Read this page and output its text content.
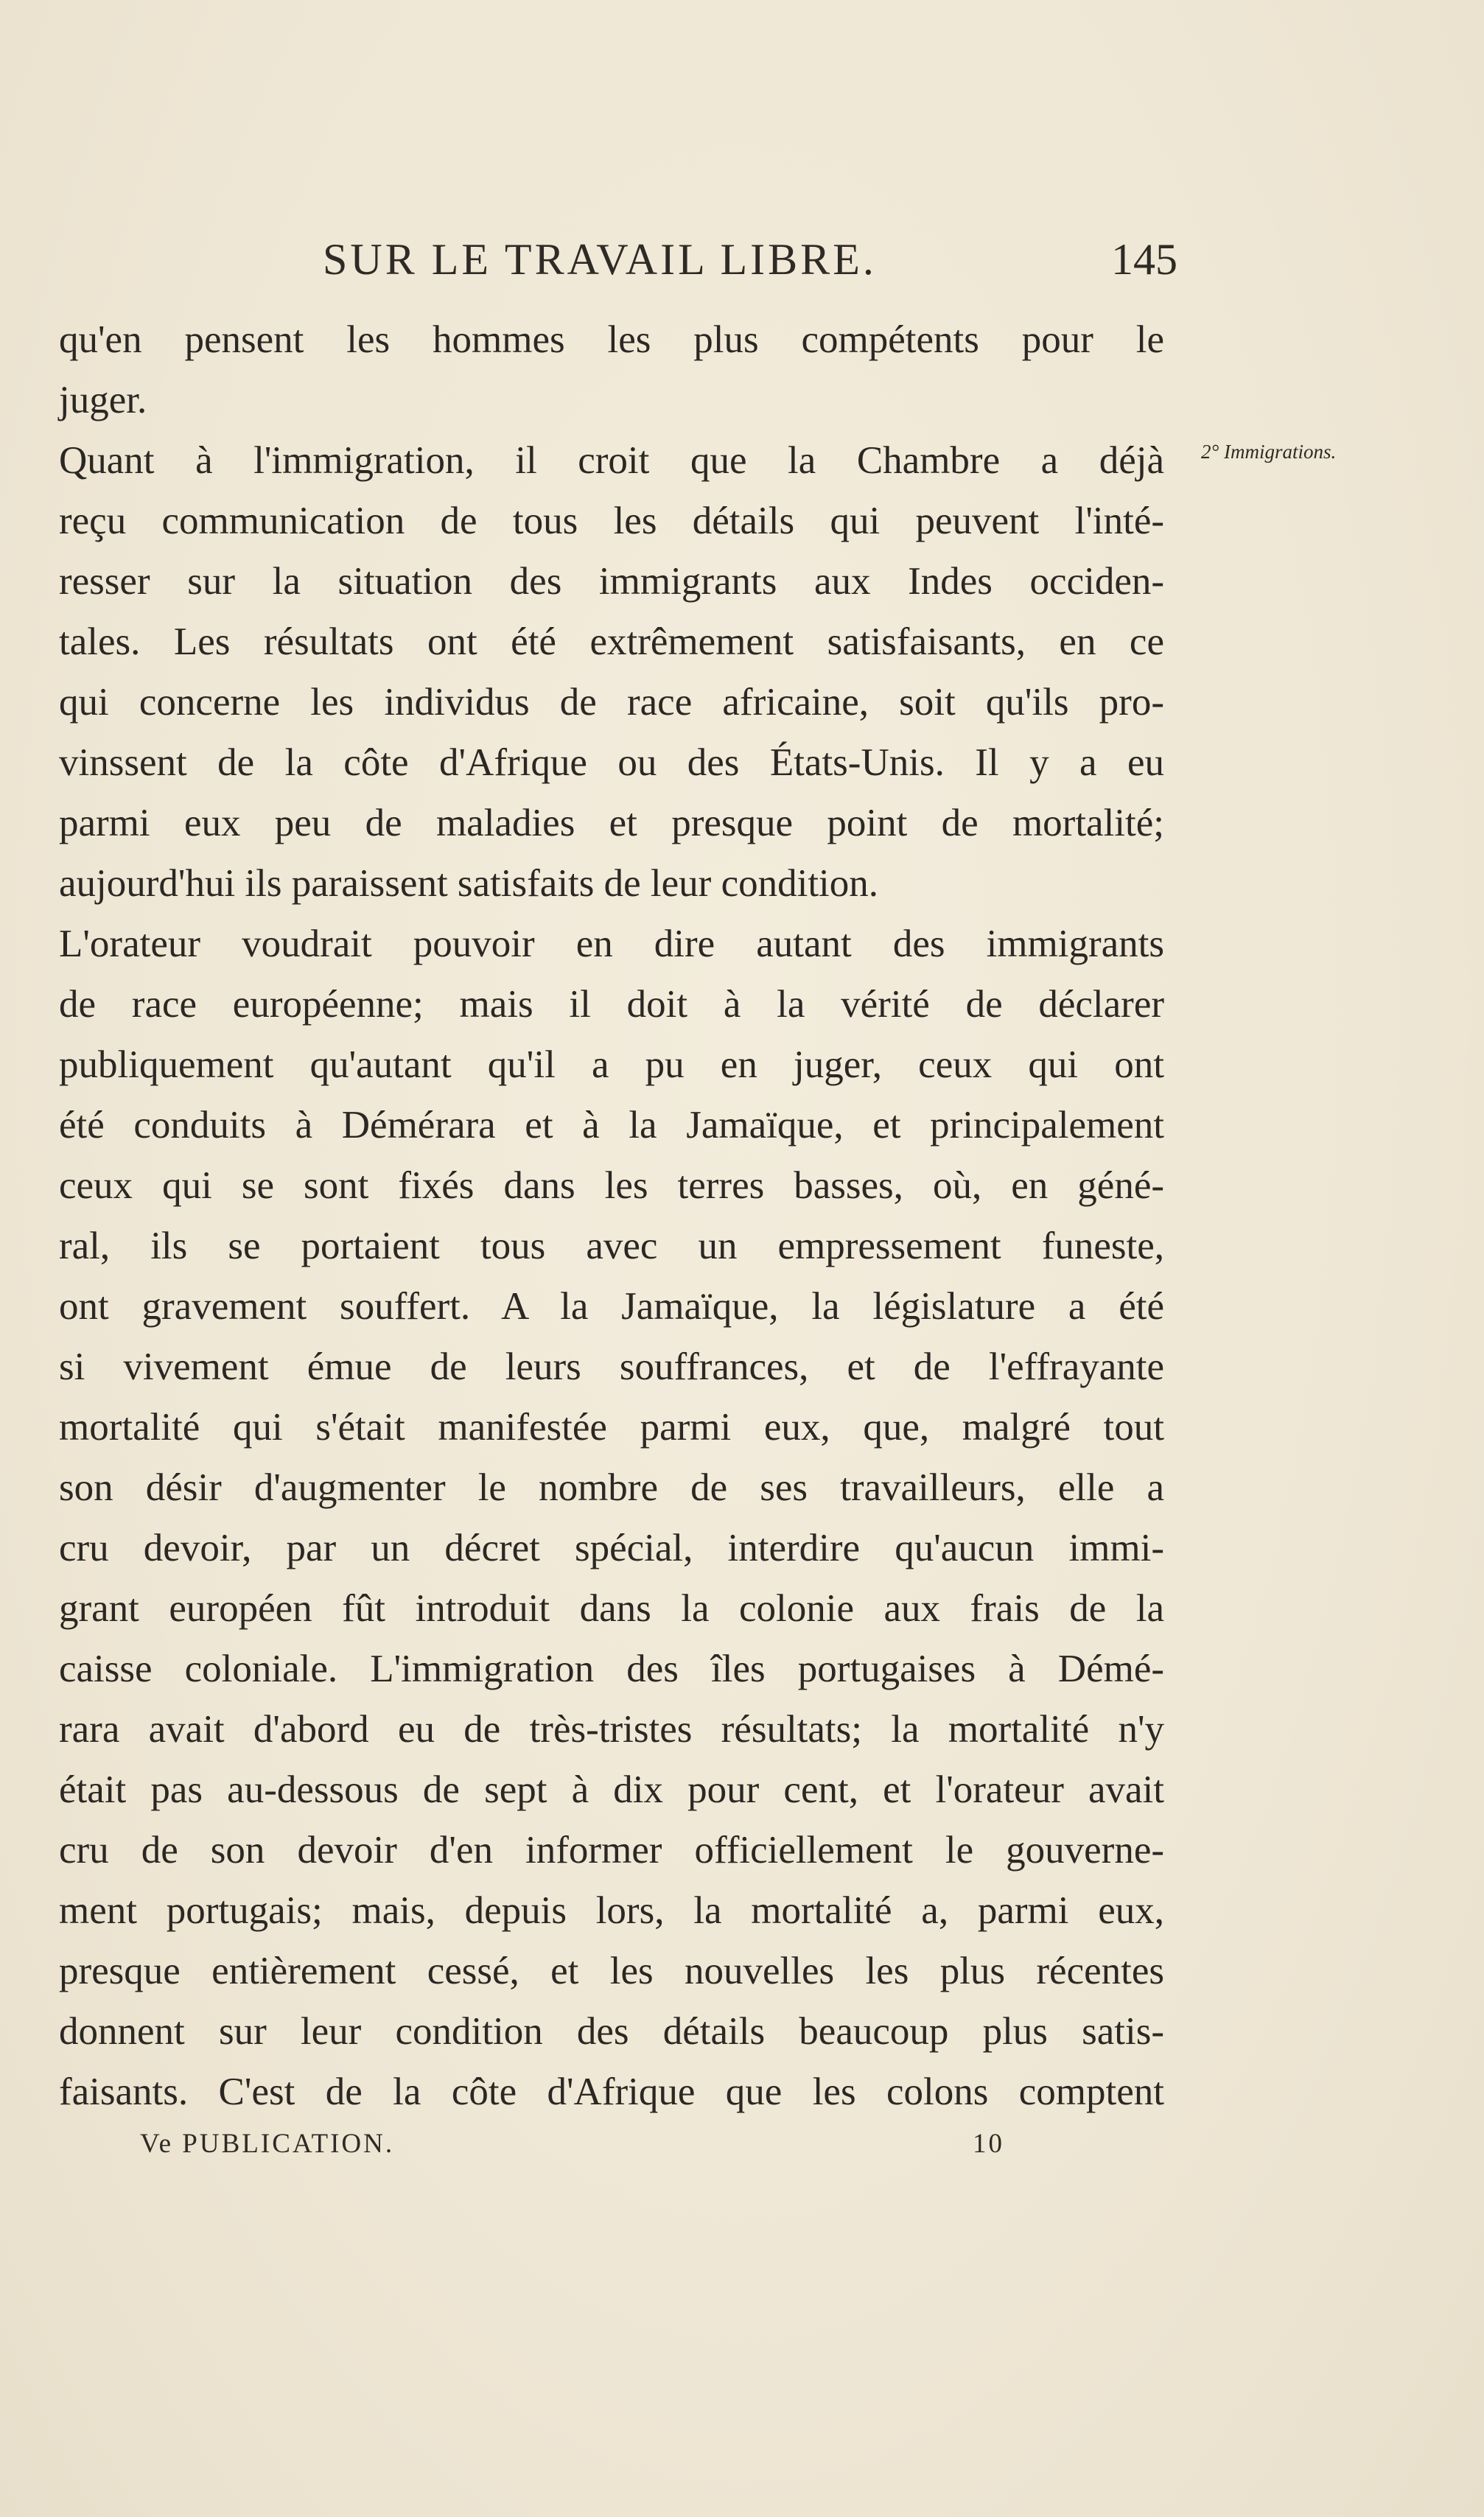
SUR LE TRAVAIL LIBRE.	145
2° Immigrations.
qu'en pensent les hommes les plus compétents pour le
juger.
Quant à l'immigration, il croit que la Chambre a déjà
reçu communication de tous les détails qui peuvent l'inté-
resser sur la situation des immigrants aux Indes occiden-
tales. Les résultats ont été extrêmement satisfaisants, en ce
qui concerne les individus de race africaine, soit qu'ils pro-
vinssent de la côte d'Afrique ou des États-Unis. Il y a eu
parmi eux peu de maladies et presque point de mortalité;
aujourd'hui ils paraissent satisfaits de leur condition.
L'orateur voudrait pouvoir en dire autant des immigrants
de race européenne; mais il doit à la vérité de déclarer
publiquement qu'autant qu'il a pu en juger, ceux qui ont
été conduits à Démérara et à la Jamaïque, et principalement
ceux qui se sont fixés dans les terres basses, où, en géné-
ral, ils se portaient tous avec un empressement funeste,
ont gravement souffert. A la Jamaïque, la législature a été
si vivement émue de leurs souffrances, et de l'effrayante
mortalité qui s'était manifestée parmi eux, que, malgré tout
son désir d'augmenter le nombre de ses travailleurs, elle a
cru devoir, par un décret spécial, interdire qu'aucun immi-
grant européen fût introduit dans la colonie aux frais de la
caisse coloniale. L'immigration des îles portugaises à Démé-
rara avait d'abord eu de très-tristes résultats; la mortalité n'y
était pas au-dessous de sept à dix pour cent, et l'orateur avait
cru de son devoir d'en informer officiellement le gouverne-
ment portugais; mais, depuis lors, la mortalité a, parmi eux,
presque entièrement cessé, et les nouvelles les plus récentes
donnent sur leur condition des détails beaucoup plus satis-
faisants. C'est de la côte d'Afrique que les colons comptent
Ve PUBLICATION.	10
